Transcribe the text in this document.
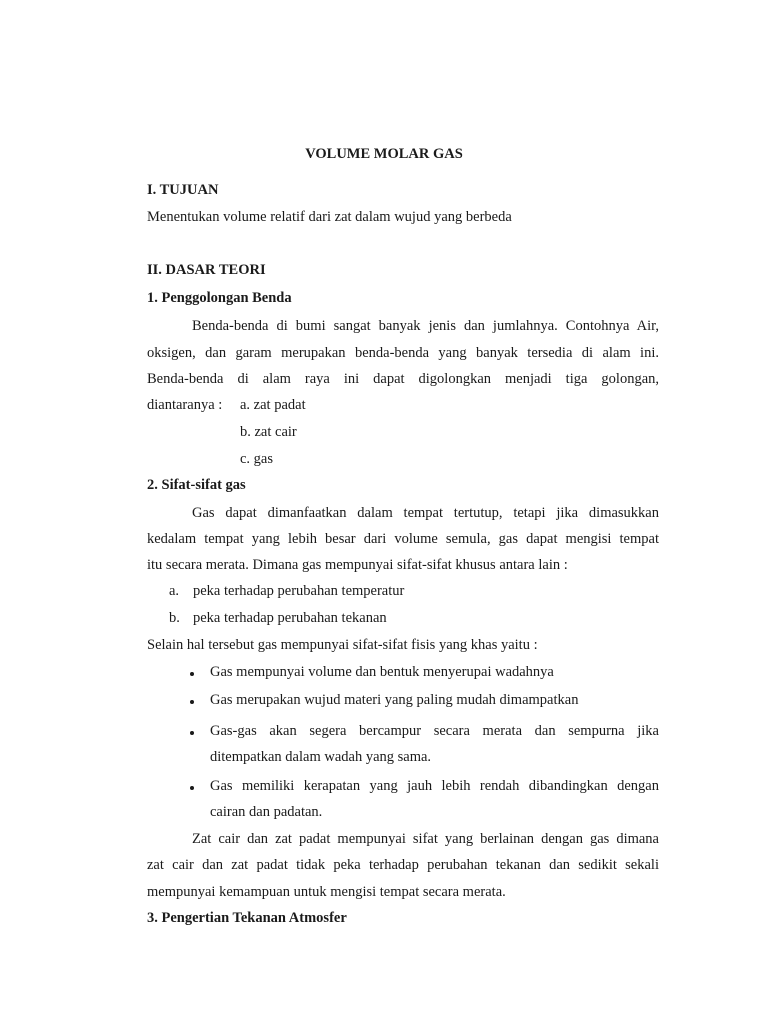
VOLUME MOLAR GAS
I. TUJUAN
Menentukan volume relatif dari zat dalam wujud yang berbeda
II. DASAR TEORI
1. Penggolongan Benda
Benda-benda di bumi sangat banyak jenis dan jumlahnya. Contohnya Air,
oksigen, dan garam merupakan benda-benda yang banyak tersedia di alam ini.
Benda-benda di alam raya ini dapat digolongkan menjadi tiga golongan,
diantaranya : a. zat padat
b. zat cair
c. gas
2. Sifat-sifat gas
Gas dapat dimanfaatkan dalam tempat tertutup, tetapi jika dimasukkan
kedalam tempat yang lebih besar dari volume semula, gas dapat mengisi tempat
itu secara merata. Dimana gas mempunyai sifat-sifat khusus antara lain :
a. peka terhadap perubahan temperatur
b. peka terhadap perubahan tekanan
Selain hal tersebut gas mempunyai sifat-sifat fisis yang khas yaitu :
Gas mempunyai volume dan bentuk menyerupai wadahnya
Gas merupakan wujud materi yang paling mudah dimampatkan
Gas-gas akan segera bercampur secara merata dan sempurna jika
ditempatkan dalam wadah yang sama.
Gas memiliki kerapatan yang jauh lebih rendah dibandingkan dengan
cairan dan padatan.
Zat cair dan zat padat mempunyai sifat yang berlainan dengan gas dimana
zat cair dan zat padat tidak peka terhadap perubahan tekanan dan sedikit sekali
mempunyai kemampuan untuk mengisi tempat secara merata.
3. Pengertian Tekanan Atmosfer
